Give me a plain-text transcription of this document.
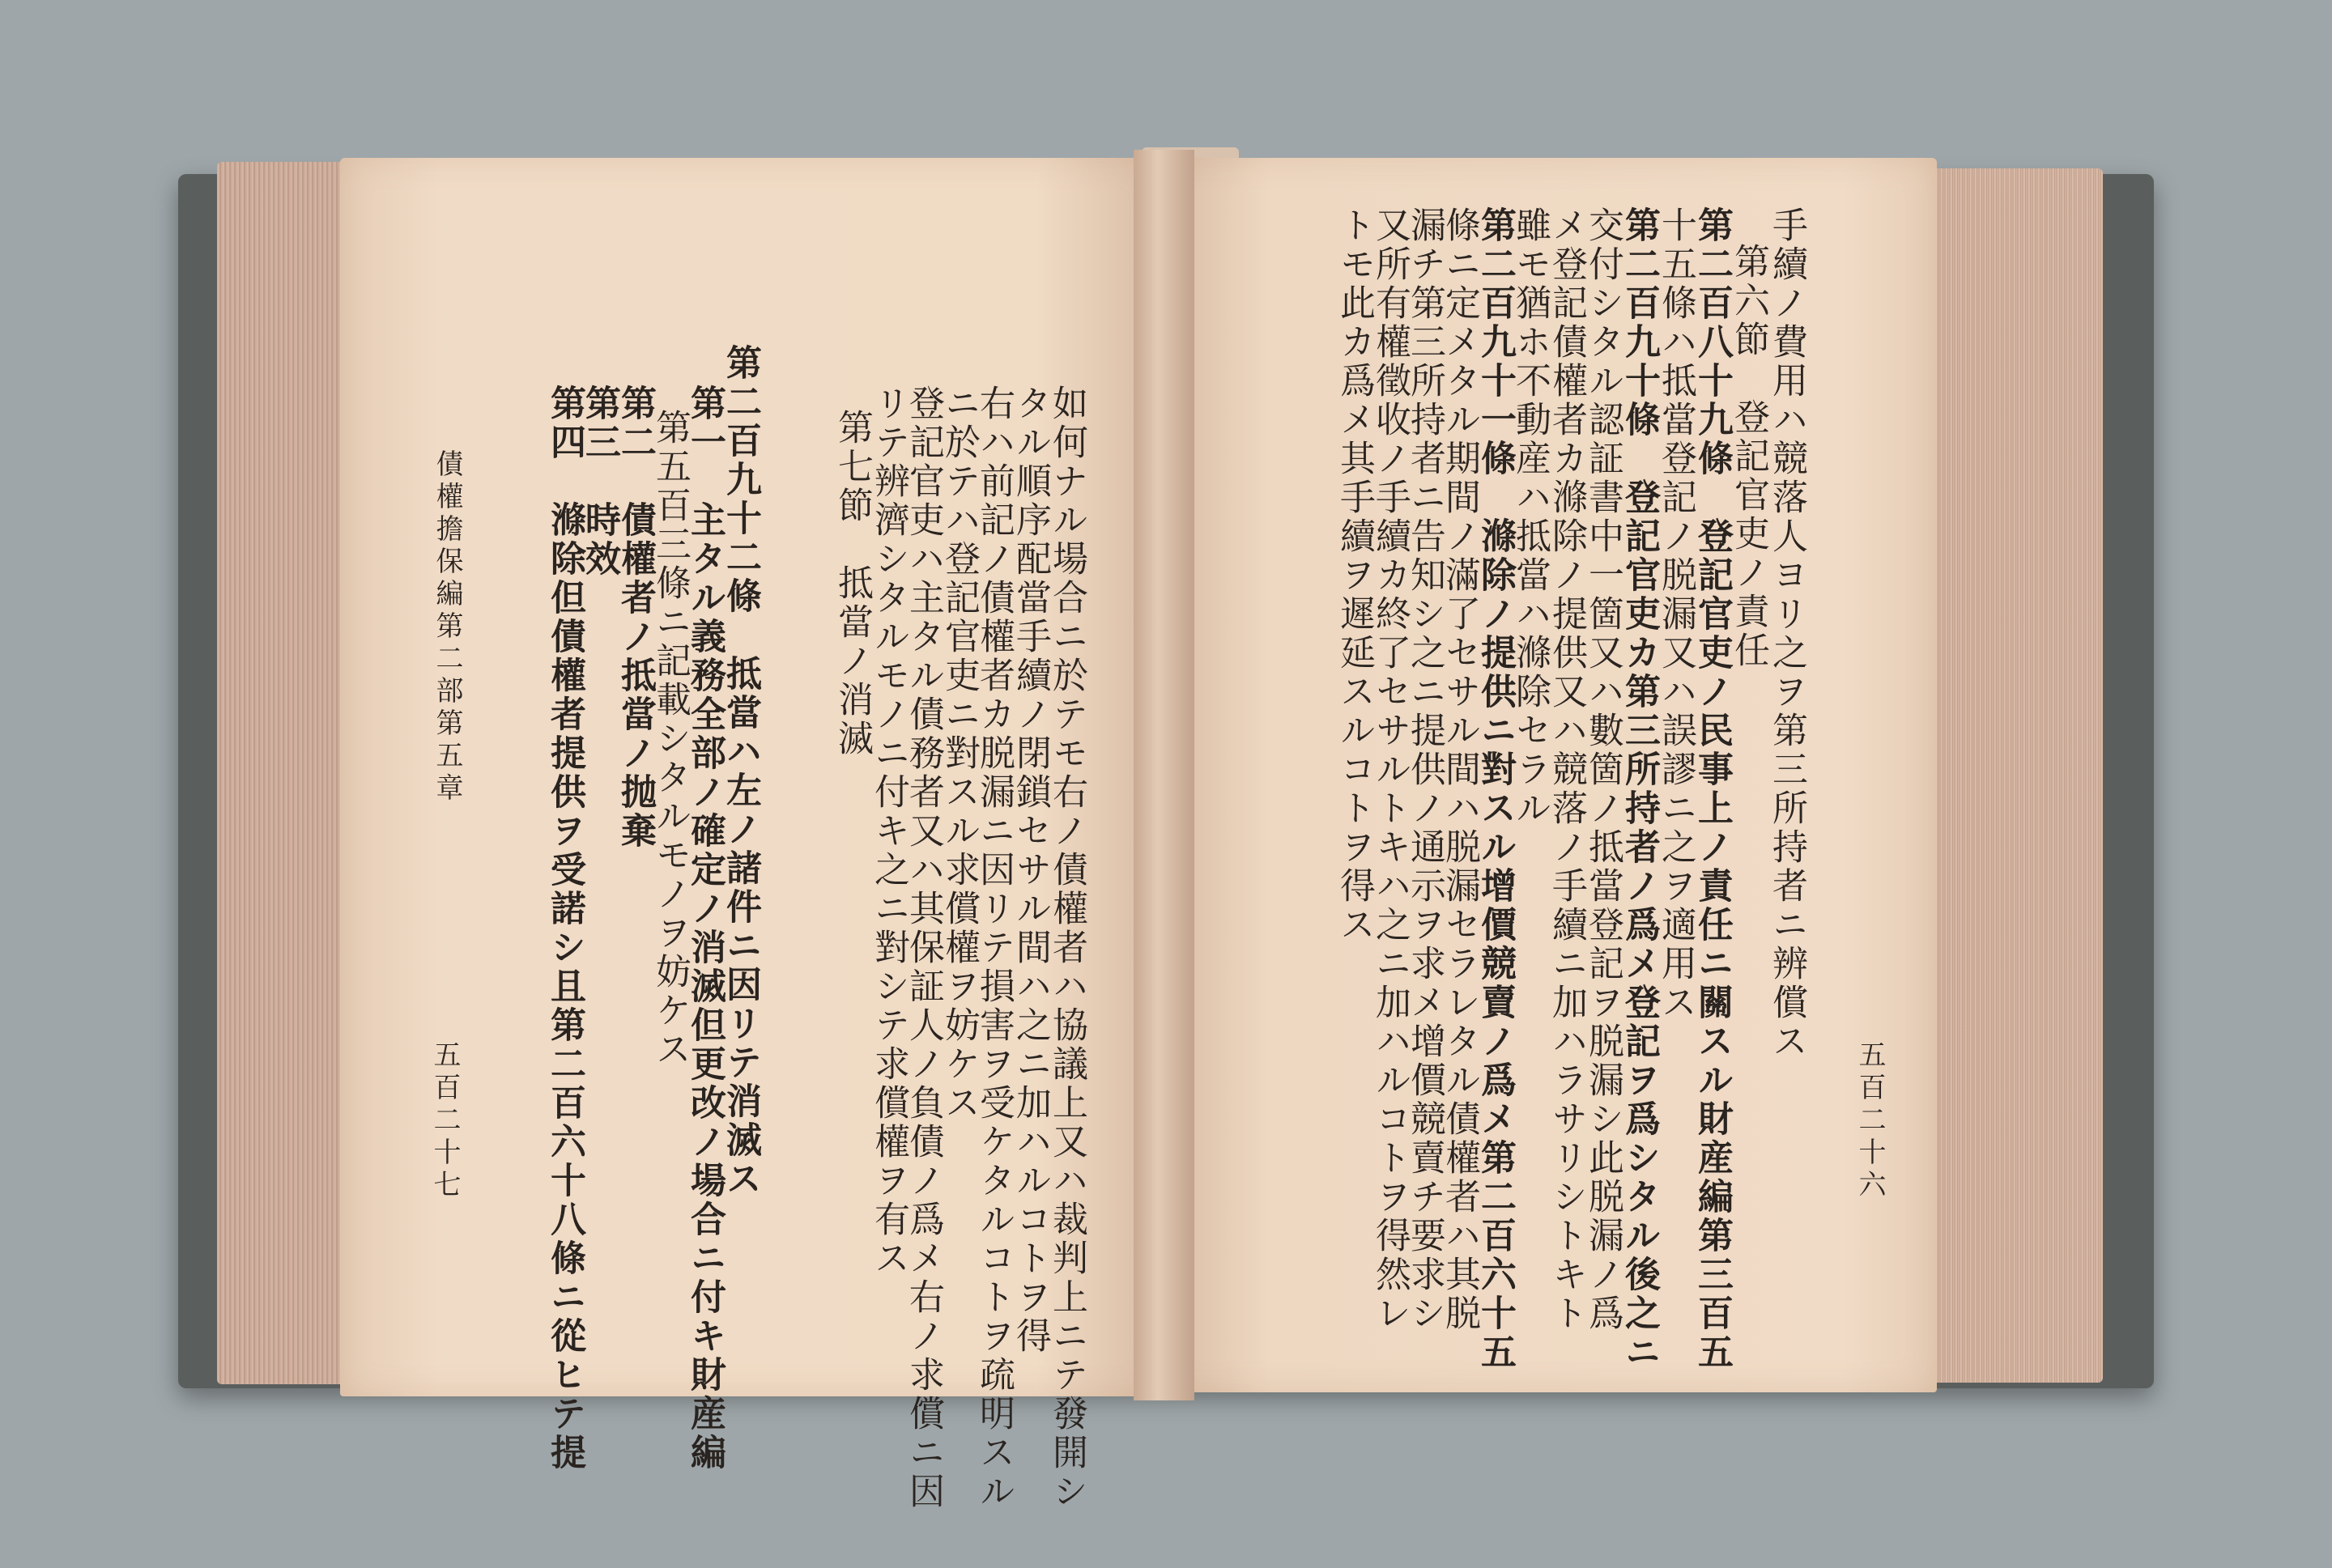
如何ナル場合ニ於テモ右ノ債權者ハ協議上又ハ裁判上ニテ發開シ
タル順序配當手續ノ閉鎖セサル間ハ之ニ加ハルコトヲ得
右ハ前記ノ債權者カ脱漏ニ因リテ損害ヲ受ケタルコトヲ疏明スル
ニ於テハ登記官吏ニ對スル求償權ヲ妨ケス
登記官吏ハ主タル債務者又ハ其保証人ノ負債ノ爲メ右ノ求償ニ因
リテ辨濟シタルモノニ付キ之ニ對シテ求償權ヲ有ス
第七節　抵當ノ消滅
第二百九十二條　抵當ハ左ノ諸件ニ因リテ消滅ス
第一　主タル義務全部ノ確定ノ消滅但更改ノ場合ニ付キ財産編
第五百三條ニ記載シタルモノヲ妨ケス
第二　債權者ノ抵當ノ抛棄
第三　時效
第四　滌除但債權者提供ヲ受諾シ且第二百六十八條ニ從ヒテ提
債權擔保編第二部第五章
五百二十七
手續ノ費用ハ競落人ヨリ之ヲ第三所持者ニ辨償ス
第六節　登記官吏ノ責任
第二百八十九條　登記官吏ノ民事上ノ責任ニ關スル財産編第三百五
十五條ハ抵當登記ノ脱漏又ハ誤謬ニ之ヲ適用ス
第二百九十條　登記官吏カ第三所持者ノ爲メ登記ヲ爲シタル後之ニ
交付シタル認証書中一箇又ハ數箇ノ抵當登記ヲ脱漏シ此脱漏ノ爲
メ登記債權者カ滌除ノ提供又ハ競落ノ手續ニ加ハラサリシトキト
雖モ猶ホ不動産ハ抵當ハ滌除セラル
第二百九十一條　滌除ノ提供ニ對スル增價競賣ノ爲メ第二百六十五
條ニ定メタル期間ノ滿了セサル間ハ脱漏セラレタル債權者ハ其脱
漏チ第三所持者ニ告知シ之ニ提供ノ通示ヲ求メ增價競賣チ要求シ
又所有權徵收ノ手續カ終了セサルトキハ之ニ加ハルコトヲ得然レ
トモ此カ爲メ其手續ヲ遲延スルコトヲ得ス
五百二十六
